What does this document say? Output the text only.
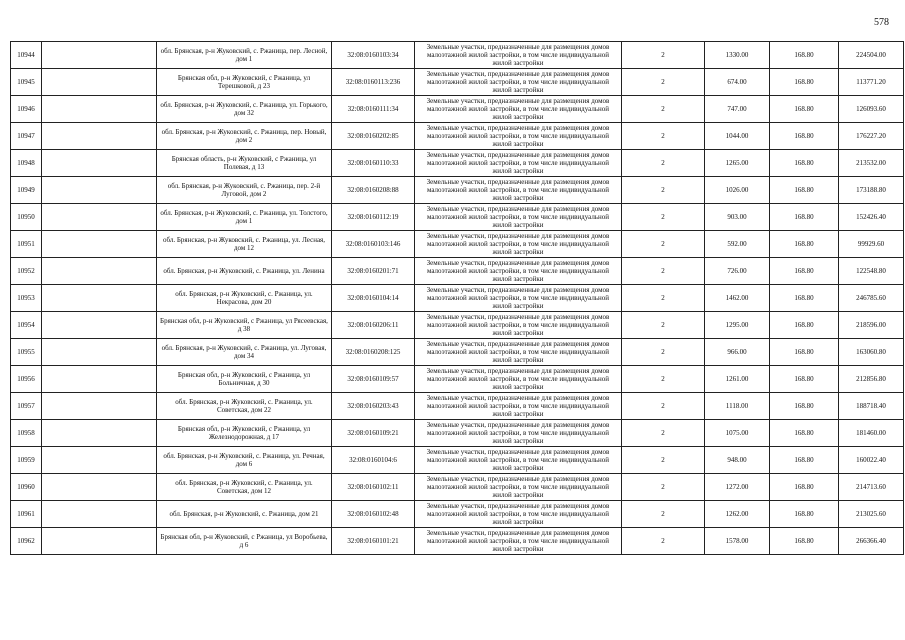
578
10944		обл. Брянская, р-н Жуковский, с. Ржаница, пер. Лесной, дом 1	32:08:0160103:34	Земельные участки, предназначенные для размещения домов малоэтажной жилой застройки, в том числе индивидуальной жилой застройки	2	1330.00	168.80	224504.00
10945		Брянская обл, р-н Жуковский, с Ржаница, ул Терешковой, д 23	32:08:0160113:236	Земельные участки, предназначенные для размещения домов малоэтажной жилой застройки, в том числе индивидуальной жилой застройки	2	674.00	168.80	113771.20
10946		обл. Брянская, р-н Жуковский, с. Ржаница, ул. Горького, дом 32	32:08:0160111:34	Земельные участки, предназначенные для размещения домов малоэтажной жилой застройки, в том числе индивидуальной жилой застройки	2	747.00	168.80	126093.60
10947		обл. Брянская, р-н Жуковский, с. Ржаница, пер. Новый, дом 2	32:08:0160202:85	Земельные участки, предназначенные для размещения домов малоэтажной жилой застройки, в том числе индивидуальной жилой застройки	2	1044.00	168.80	176227.20
10948		Брянская область, р-н Жуковский, с Ржаница, ул Полевая, д 13	32:08:0160110:33	Земельные участки, предназначенные для размещения домов малоэтажной жилой застройки, в том числе индивидуальной жилой застройки	2	1265.00	168.80	213532.00
10949		обл. Брянская, р-н Жуковский, с. Ржаница, пер. 2-й Луговой, дом 2	32:08:0160208:88	Земельные участки, предназначенные для размещения домов малоэтажной жилой застройки, в том числе индивидуальной жилой застройки	2	1026.00	168.80	173188.80
10950		обл. Брянская, р-н Жуковский, с. Ржаница, ул. Толстого, дом 1	32:08:0160112:19	Земельные участки, предназначенные для размещения домов малоэтажной жилой застройки, в том числе индивидуальной жилой застройки	2	903.00	168.80	152426.40
10951		обл. Брянская, р-н Жуковский, с. Ржаница, ул. Лесная, дом 12	32:08:0160103:146	Земельные участки, предназначенные для размещения домов малоэтажной жилой застройки, в том числе индивидуальной жилой застройки	2	592.00	168.80	99929.60
10952		обл. Брянская, р-н Жуковский, с. Ржаница, ул. Ленина	32:08:0160201:71	Земельные участки, предназначенные для размещения домов малоэтажной жилой застройки, в том числе индивидуальной жилой застройки	2	726.00	168.80	122548.80
10953		обл. Брянская, р-н Жуковский, с. Ржаница, ул. Некрасова, дом 20	32:08:0160104:14	Земельные участки, предназначенные для размещения домов малоэтажной жилой застройки, в том числе индивидуальной жилой застройки	2	1462.00	168.80	246785.60
10954		Брянская обл, р-н Жуковский, с Ржаница, ул Рясеевская, д 38	32:08:0160206:11	Земельные участки, предназначенные для размещения домов малоэтажной жилой застройки, в том числе индивидуальной жилой застройки	2	1295.00	168.80	218596.00
10955		обл. Брянская, р-н Жуковский, с. Ржаница, ул. Луговая, дом 34	32:08:0160208:125	Земельные участки, предназначенные для размещения домов малоэтажной жилой застройки, в том числе индивидуальной жилой застройки	2	966.00	168.80	163060.80
10956		Брянская обл, р-н Жуковский, с Ржаница, ул Больничная, д 30	32:08:0160109:57	Земельные участки, предназначенные для размещения домов малоэтажной жилой застройки, в том числе индивидуальной жилой застройки	2	1261.00	168.80	212856.80
10957		обл. Брянская, р-н Жуковский, с. Ржаница, ул. Советская, дом 22	32:08:0160203:43	Земельные участки, предназначенные для размещения домов малоэтажной жилой застройки, в том числе индивидуальной жилой застройки	2	1118.00	168.80	188718.40
10958		Брянская обл, р-н Жуковский, с Ржаница, ул Железнодорожная, д 17	32:08:0160109:21	Земельные участки, предназначенные для размещения домов малоэтажной жилой застройки, в том числе индивидуальной жилой застройки	2	1075.00	168.80	181460.00
10959		обл. Брянская, р-н Жуковский, с. Ржаница, ул. Речная, дом 6	32:08:0160104:6	Земельные участки, предназначенные для размещения домов малоэтажной жилой застройки, в том числе индивидуальной жилой застройки	2	948.00	168.80	160022.40
10960		обл. Брянская, р-н Жуковский, с. Ржаница, ул. Советская, дом 12	32:08:0160102:11	Земельные участки, предназначенные для размещения домов малоэтажной жилой застройки, в том числе индивидуальной жилой застройки	2	1272.00	168.80	214713.60
10961		обл. Брянская, р-н Жуковский, с. Ржаница, дом 21	32:08:0160102:48	Земельные участки, предназначенные для размещения домов малоэтажной жилой застройки, в том числе индивидуальной жилой застройки	2	1262.00	168.80	213025.60
10962		Брянская обл, р-н Жуковский, с Ржаница, ул Воробьева, д 6	32:08:0160101:21	Земельные участки, предназначенные для размещения домов малоэтажной жилой застройки, в том числе индивидуальной жилой застройки	2	1578.00	168.80	266366.40
